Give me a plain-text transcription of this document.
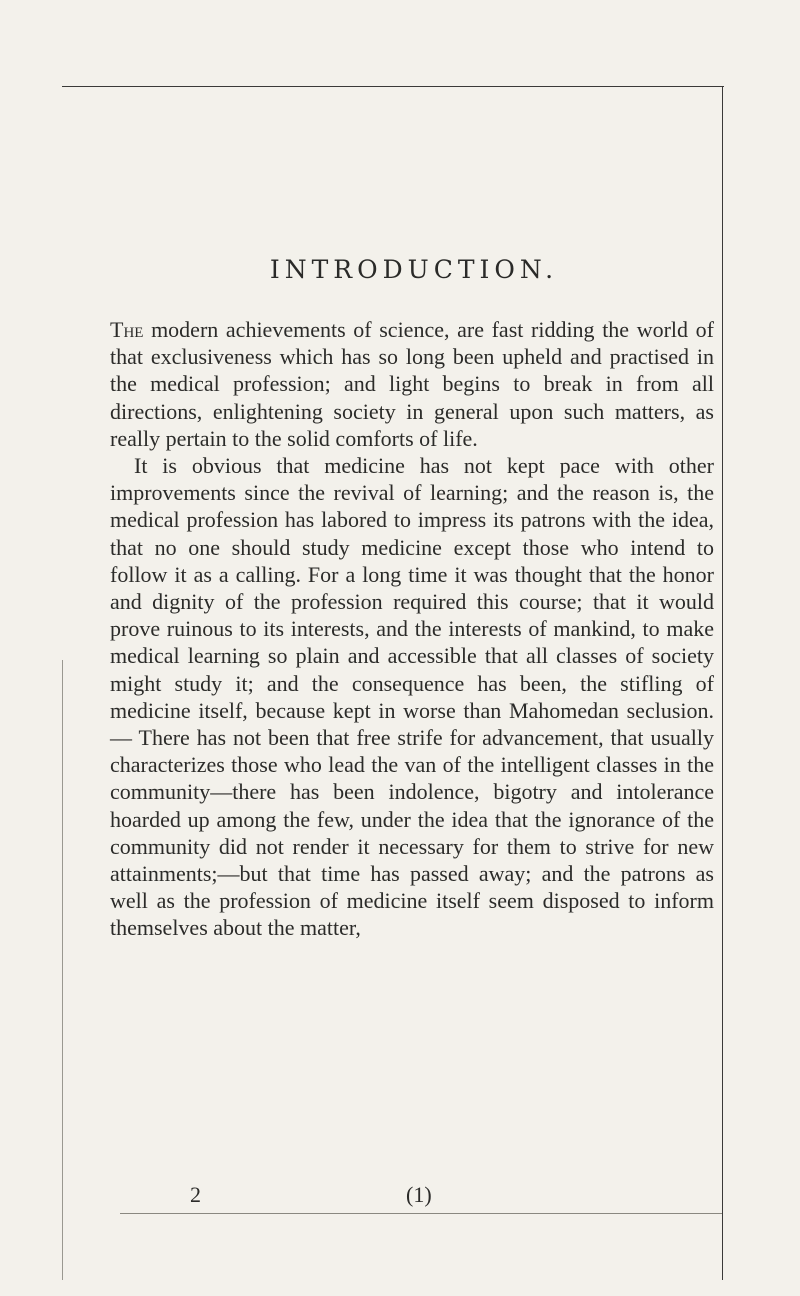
INTRODUCTION.

The modern achievements of science, are fast ridding the world of that exclusiveness which has so long been upheld and practised in the medical profession; and light begins to break in from all directions, enlightening society in general upon such matters, as really pertain to the solid comforts of life.

It is obvious that medicine has not kept pace with other improvements since the revival of learning; and the reason is, the medical profession has labored to impress its patrons with the idea, that no one should study medicine except those who intend to follow it as a calling. For a long time it was thought that the honor and dignity of the profession required this course; that it would prove ruinous to its interests, and the interests of mankind, to make medical learning so plain and accessible that all classes of society might study it; and the consequence has been, the stifling of medicine itself, because kept in worse than Mahomedan seclusion.— There has not been that free strife for advancement, that usually characterizes those who lead the van of the intelligent classes in the community—there has been indolence, bigotry and intolerance hoarded up among the few, under the idea that the ignorance of the community did not render it necessary for them to strive for new attainments;—but that time has passed away; and the patrons as well as the profession of medicine itself seem disposed to inform themselves about the matter,

2	(1)
